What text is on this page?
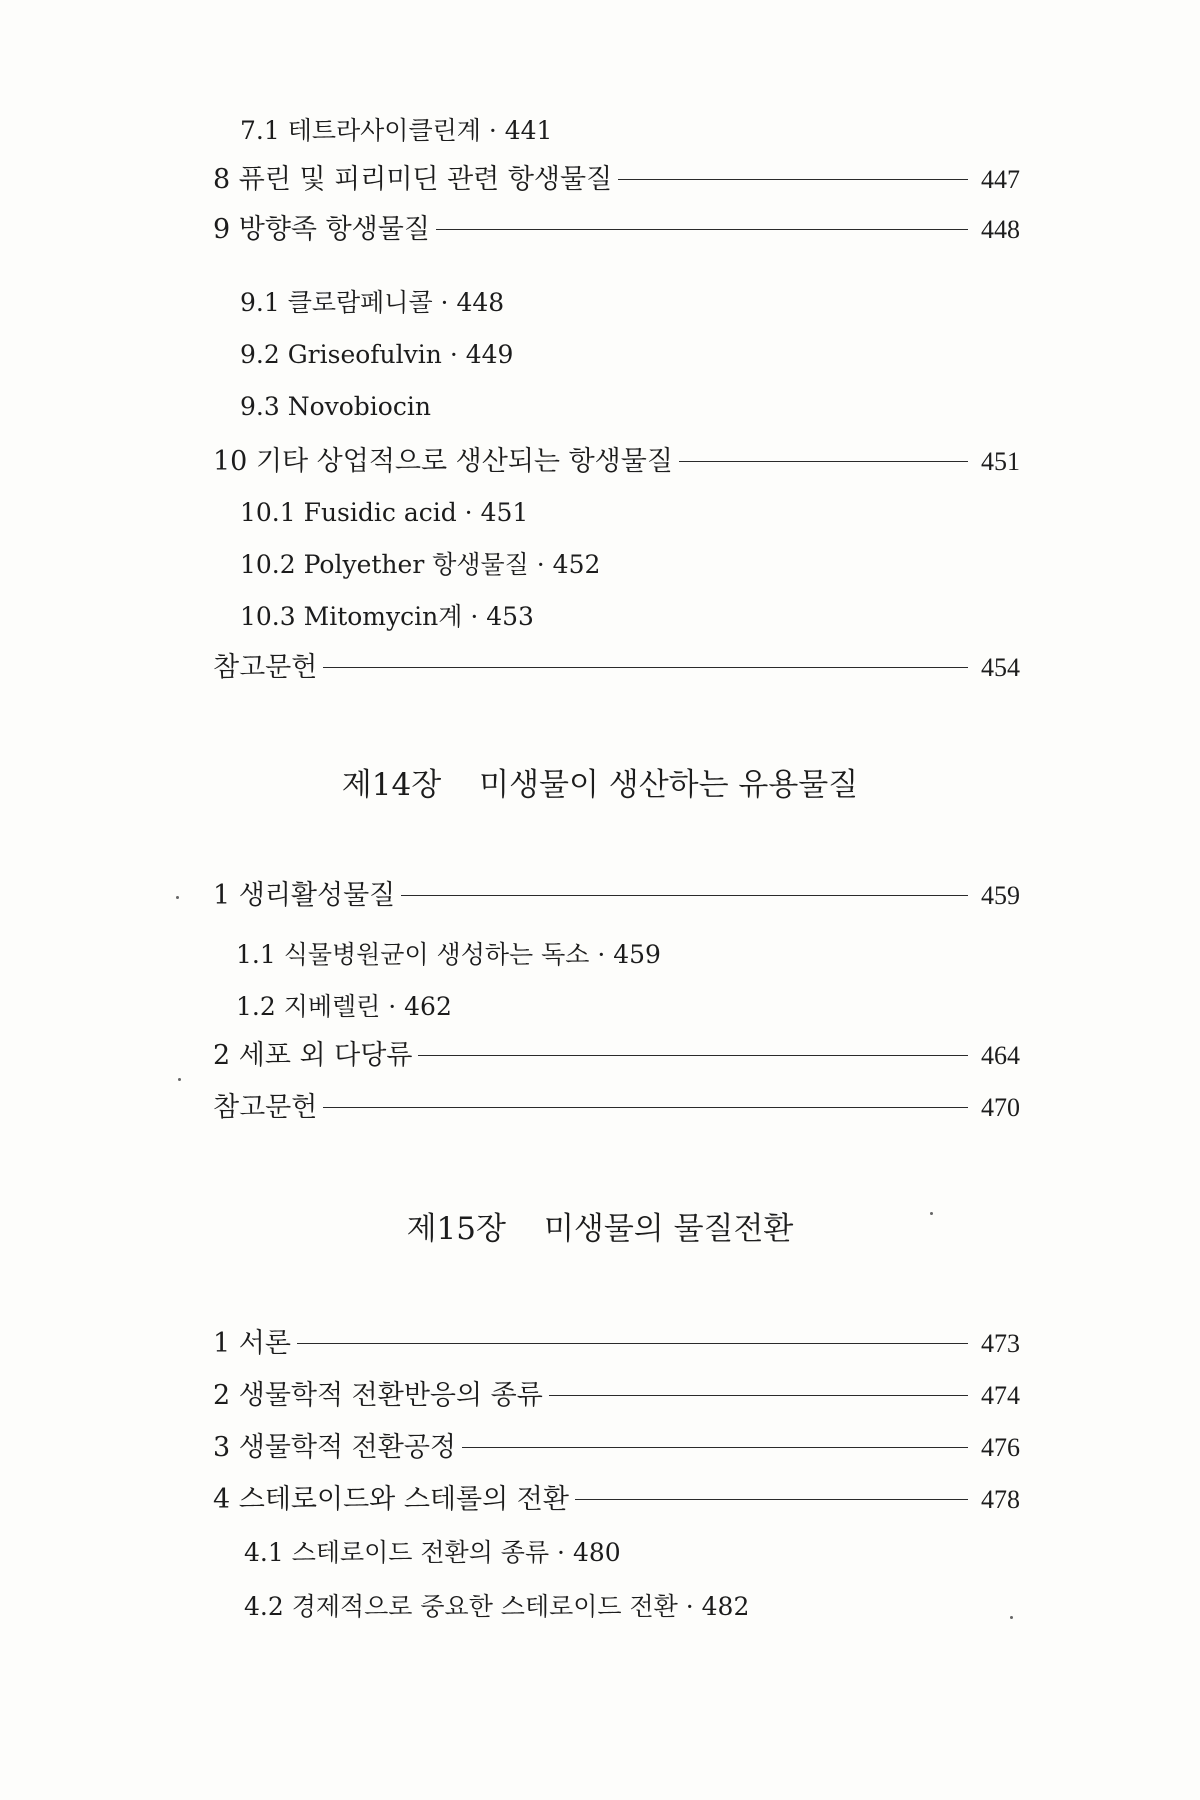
7.1 테트라사이클린계 · 441
8 퓨린 및 피리미딘 관련 항생물질	447
9 방향족 항생물질	448
9.1 클로람페니콜 · 448
9.2 Griseofulvin · 449
9.3 Novobiocin
10 기타 상업적으로 생산되는 항생물질	451
10.1 Fusidic acid · 451
10.2 Polyether 항생물질 · 452
10.3 Mitomycin계 · 453
참고문헌	454
제14장 미생물이 생산하는 유용물질
1 생리활성물질	459
1.1 식물병원균이 생성하는 독소 · 459
1.2 지베렐린 · 462
2 세포 외 다당류	464
참고문헌	470
제15장 미생물의 물질전환
1 서론	473
2 생물학적 전환반응의 종류	474
3 생물학적 전환공정	476
4 스테로이드와 스테롤의 전환	478
4.1 스테로이드 전환의 종류 · 480
4.2 경제적으로 중요한 스테로이드 전환 · 482
